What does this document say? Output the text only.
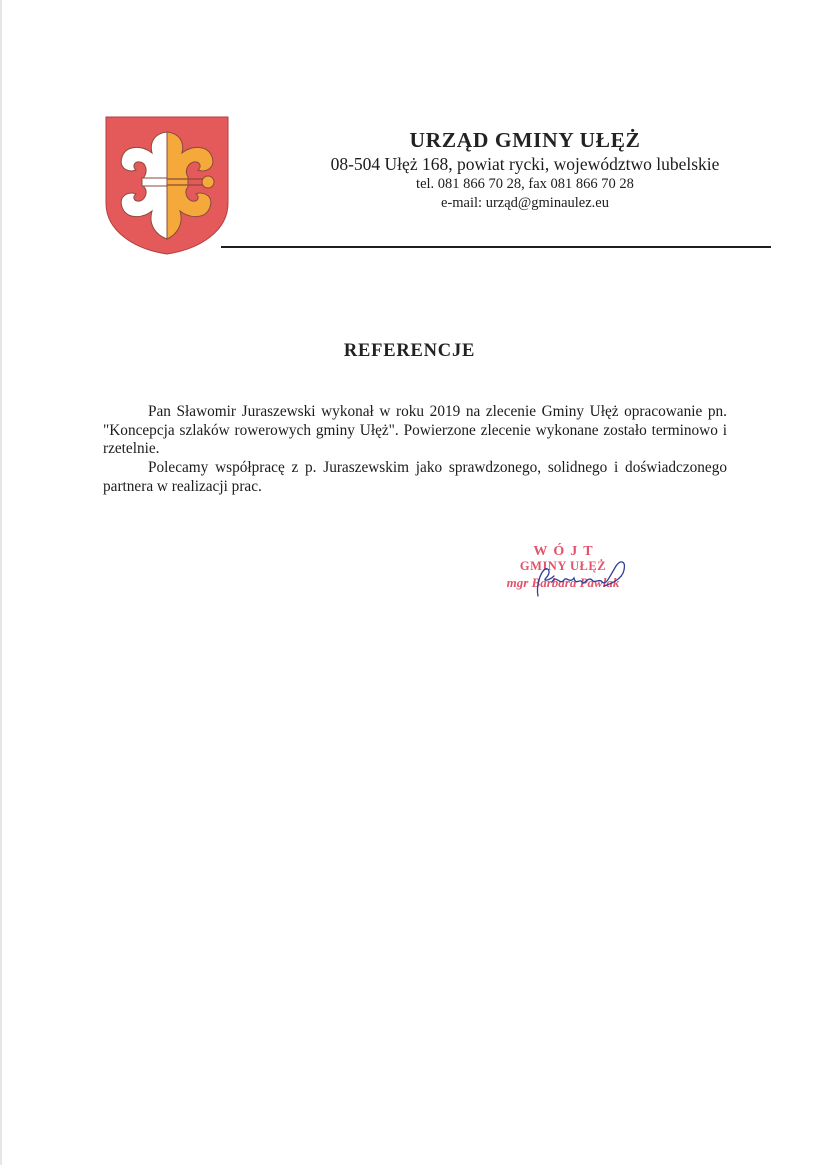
URZĄD GMINY UŁĘŻ
08-504 Ułęż 168, powiat rycki, województwo lubelskie
tel. 081 866 70 28, fax 081 866 70 28
e-mail: urząd@gminaulez.eu
REFERENCJE

Pan Sławomir Juraszewski wykonał w roku 2019 na zlecenie Gminy Ułęż opracowanie pn. "Koncepcja szlaków rowerowych gminy Ułęż". Powierzone zlecenie wykonane zostało terminowo i rzetelnie.

Polecamy współpracę z p. Juraszewskim jako sprawdzonego, solidnego i doświadczonego partnera w realizacji prac.

WÓJT
GMINY UŁĘŻ
mgr Barbara Pawlak
